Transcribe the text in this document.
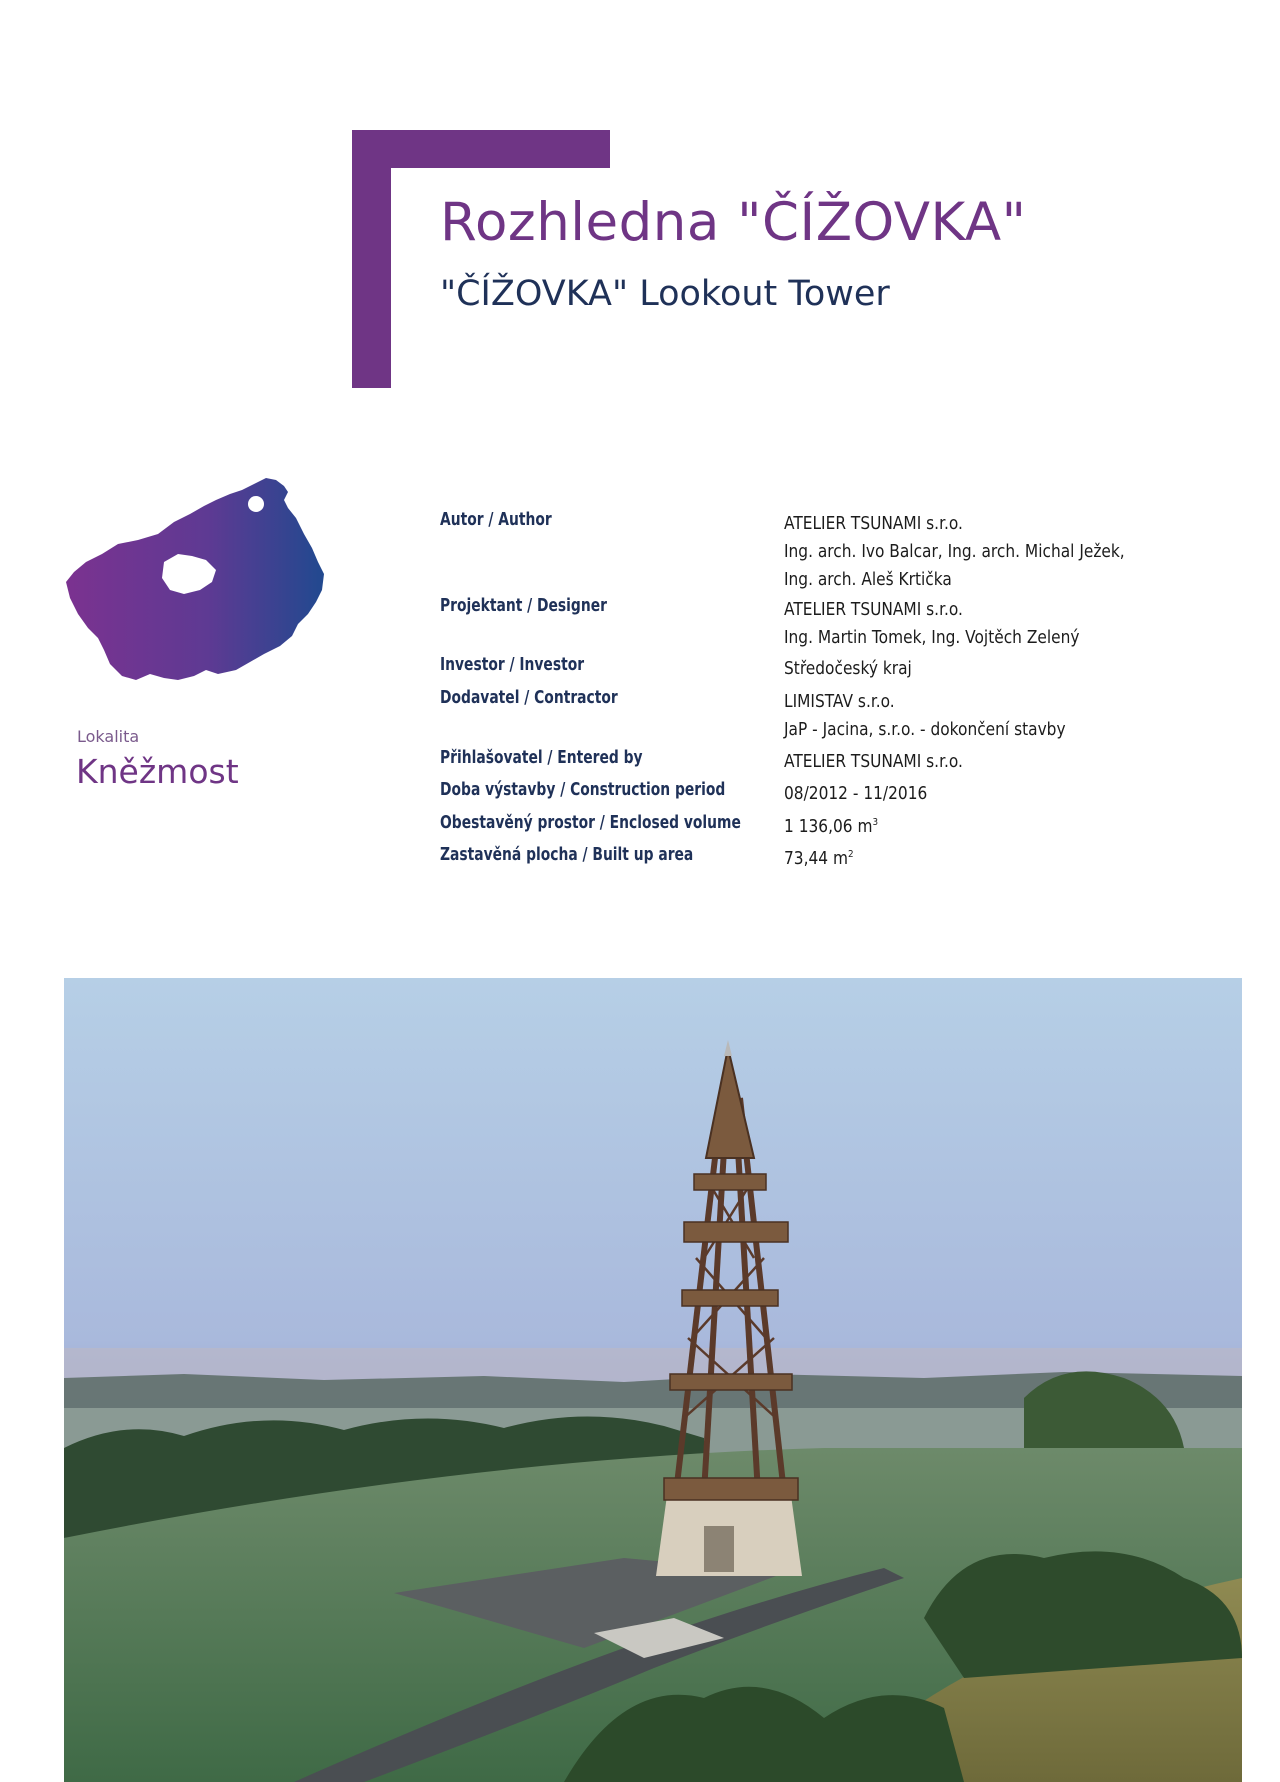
Rozhledna "ČÍŽOVKA"
"ČÍŽOVKA" Lookout Tower
Lokalita
Kněžmost
Autor / Author	ATELIER TSUNAMI s.r.o.
Ing. arch. Ivo Balcar, Ing. arch. Michal Ježek,
Ing. arch. Aleš Krtička
Projektant / Designer	ATELIER TSUNAMI s.r.o.
Ing. Martin Tomek, Ing. Vojtěch Zelený
Investor / Investor	Středočeský kraj
Dodavatel / Contractor	LIMISTAV s.r.o.
JaP - Jacina, s.r.o. - dokončení stavby
Přihlašovatel / Entered by	ATELIER TSUNAMI s.r.o.
Doba výstavby / Construction period	08/2012 - 11/2016
Obestavěný prostor / Enclosed volume 1 136,06 $m^3$
Zastavěná plocha / Built up area	73,44 $m^2$
